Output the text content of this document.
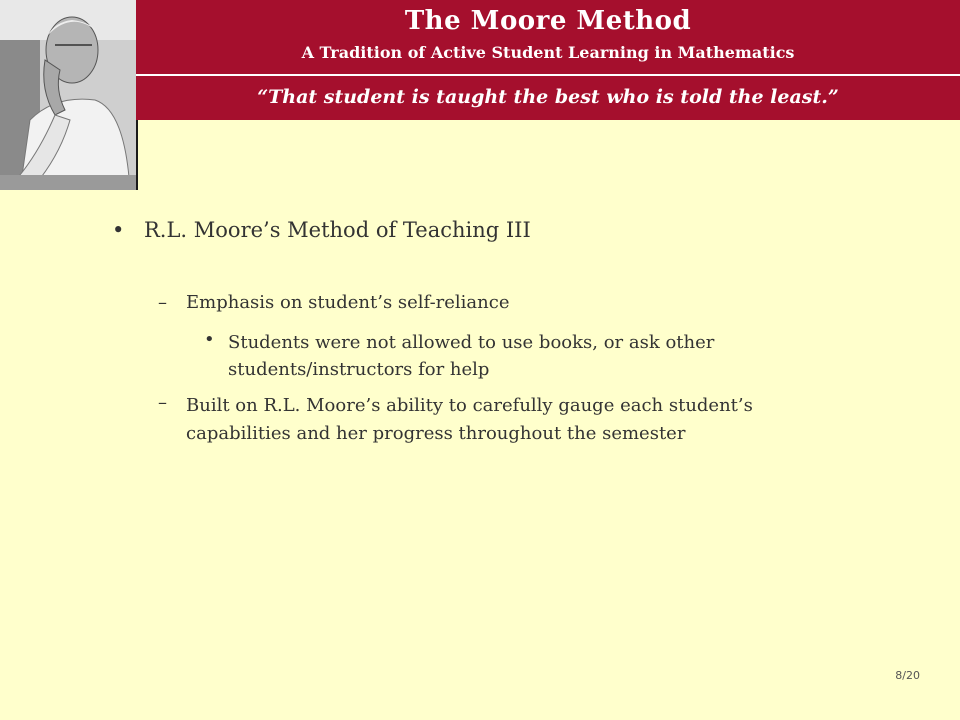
The Moore Method
A Tradition of Active Student Learning in Mathematics
“That student is taught the best who is told the least.”
• R.L. Moore’s Method of Teaching III
– Emphasis on student’s self-reliance
• Students were not allowed to use books, or ask other students/instructors for help
– Built on R.L. Moore’s ability to carefully gauge each student’s capabilities and her progress throughout the semester
8/20
